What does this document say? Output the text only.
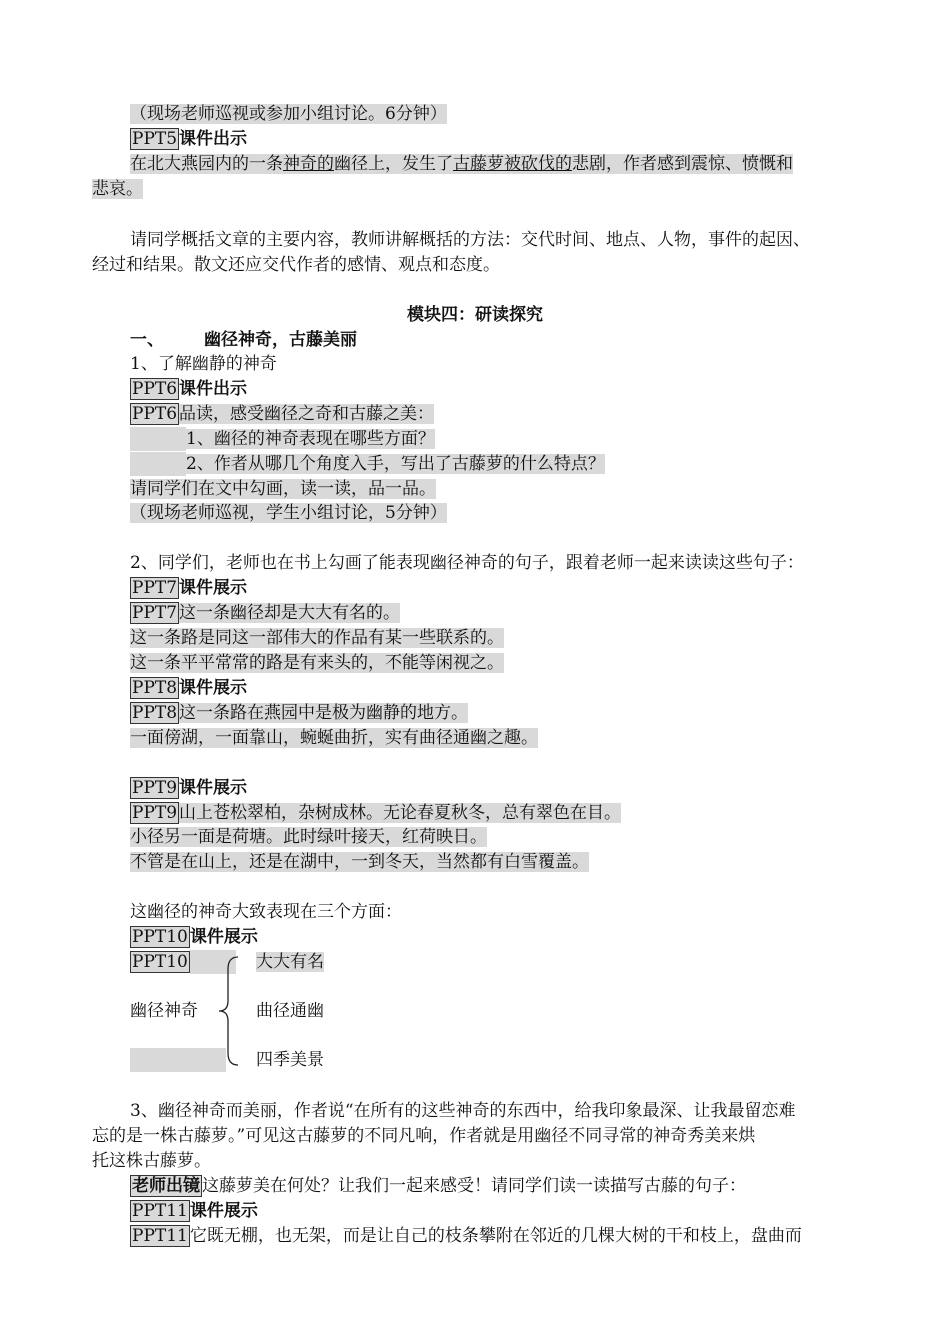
（现场老师巡视或参加小组讨论。6分钟）
PPT5 课件出示
在北大燕园内的一条神奇的幽径上，发生了古藤萝被砍伐的悲剧，作者感到震惊、愤慨和
悲哀。
请同学概括文章的主要内容，教师讲解概括的方法：交代时间、地点、人物，事件的起因、
经过和结果。散文还应交代作者的感情、观点和态度。
模块四：研读探究
一、 幽径神奇，古藤美丽
1、了解幽静的神奇
PPT6 课件出示
PPT6 品读，感受幽径之奇和古藤之美：
1、幽径的神奇表现在哪些方面？
2、作者从哪几个角度入手，写出了古藤萝的什么特点？
请同学们在文中勾画，读一读，品一品。
（现场老师巡视，学生小组讨论，5分钟）
2、同学们，老师也在书上勾画了能表现幽径神奇的句子，跟着老师一起来读读这些句子：
PPT7 课件展示
PPT7 这一条幽径却是大大有名的。
这一条路是同这一部伟大的作品有某一些联系的。
这一条平平常常的路是有来头的，不能等闲视之。
PPT8 课件展示
PPT8 这一条路在燕园中是极为幽静的地方。
一面傍湖，一面靠山，蜿蜒曲折，实有曲径通幽之趣。
PPT9 课件展示
PPT9 山上苍松翠柏，杂树成林。无论春夏秋冬，总有翠色在目。
小径另一面是荷塘。此时绿叶接天，红荷映日。
不管是在山上，还是在湖中，一到冬天，当然都有白雪覆盖。
这幽径的神奇大致表现在三个方面：
PPT10 课件展示
PPT10	大大有名
幽径神奇	曲径通幽

四季美景
3、幽径神奇而美丽，作者说“在所有的这些神奇的东西中，给我印象最深、让我最留恋难
忘的是一株古藤萝。”可见这古藤萝的不同凡响，作者就是用幽径不同寻常的神奇秀美来烘
托这株古藤萝。
老师出镜 这藤萝美在何处？让我们一起来感受！请同学们读一读描写古藤的句子：
PPT11 课件展示
PPT11 它既无棚，也无架，而是让自己的枝条攀附在邻近的几棵大树的干和枝上，盘曲而
